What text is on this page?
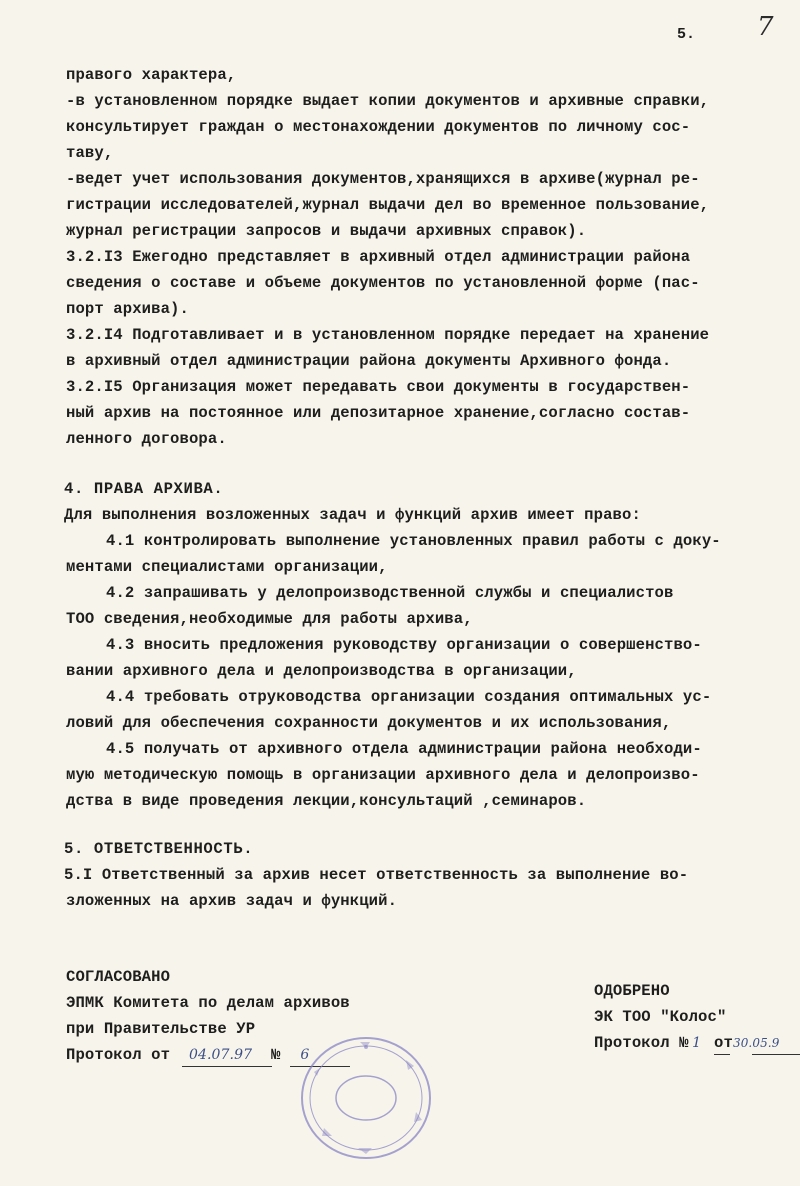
5. 7
правого характера,
-в установленном порядке выдает копии документов и архивные справки,
консультирует граждан о местонахождении документов по личному сос-
таву,
-ведет учет использования документов,хранящихся в архиве(журнал ре-
гистрации исследователей,журнал выдачи дел во временное пользование,
журнал регистрации запросов и выдачи архивных справок).
3.2.I3 Ежегодно представляет в архивный отдел администрации района
сведения о составе и объеме документов по установленной форме (пас-
порт архива).
3.2.I4 Подготавливает и в установленном порядке передает на хранение
в архивный отдел администрации района документы Архивного фонда.
3.2.I5 Организация может передавать свои документы в государствен-
ный архив на постоянное или депозитарное хранение,согласно состав-
ленного договора.
4. ПРАВА АРХИВА.
Для выполнения возложенных задач и функций архив имеет право:
4.1 контролировать выполнение установленных правил работы с доку-
ментами специалистами организации,
4.2 запрашивать у делопроизводственной службы и специалистов
ТОО сведения,необходимые для работы архива,
4.3 вносить предложения руководству организации о совершенство-
вании архивного дела и делопроизводства в организации,
4.4 требовать отруководства организации создания оптимальных ус-
ловий для обеспечения сохранности документов и их использования,
4.5 получать от архивного отдела администрации района необходи-
мую методическую помощь в организации архивного дела и делопроизво-
дства в виде проведения лекции,консультаций ,семинаров.
5. ОТВЕТСТВЕННОСТЬ.
5.I Ответственный за архив несет ответственность за выполнение во-
зложенных на архив задач и функций.
СОГЛАСОВАНО
ЭПМК Комитета по делам архивов
при Правительстве УР
Протокол от 04.07.97 № 6
ОДОБРЕНО
ЭК ТОО "Колос"
Протокол № 1 от30.05.9
